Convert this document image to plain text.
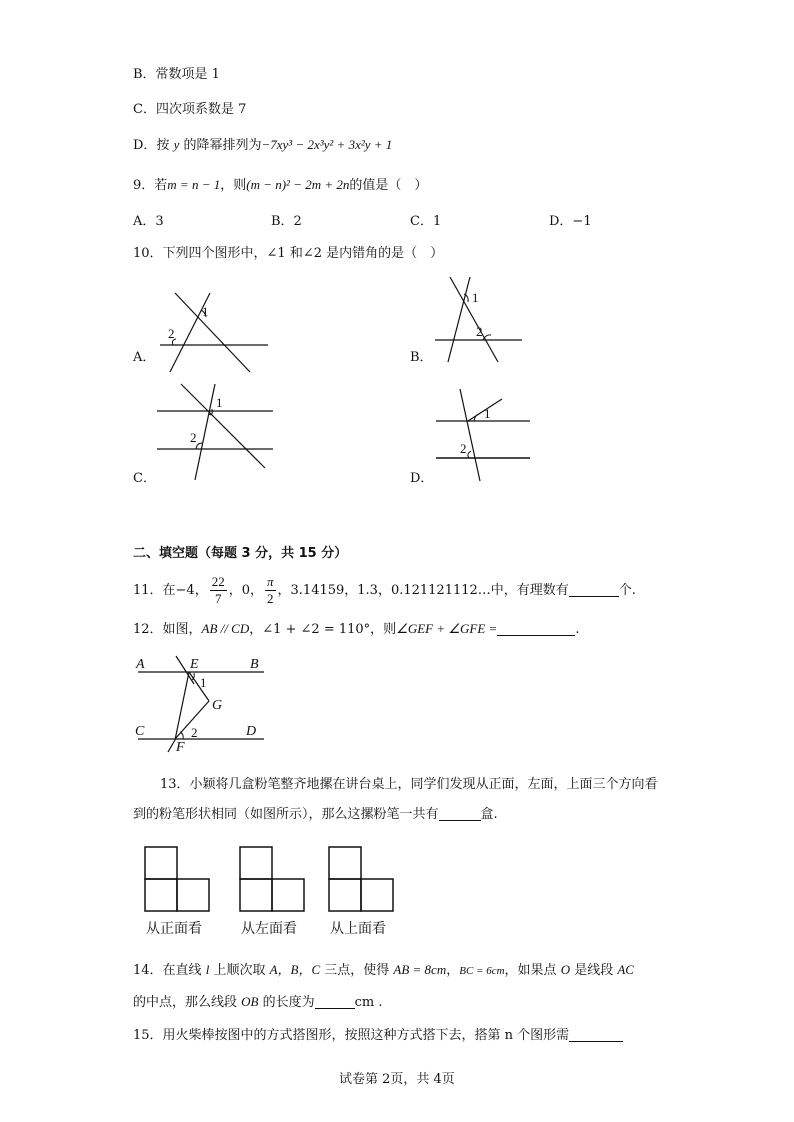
B．常数项是 1
C．四次项系数是 7
D．按 y 的降幂排列为−7xy³ − 2x³y² + 3x²y + 1
9．若m = n − 1，则(m − n)² − 2m + 2n的值是（　）
A．3	B．2	C．1	D．−1
10．下列四个图形中，∠1 和∠2 是内错角的是（　）
A．
1
2
B．
1
2
C．
1
2
D．
1
2
二、填空题（每题 3 分，共 15 分）
11．在−4， $\frac{22}{7}$ ，0， $\frac{\pi}{2}$ ，3.14159，1.3，0.121121112…中，有理数有	个.
12．如图，AB // CD，∠1 + ∠2 = 110°，则∠GEF + ∠GFE =	.
A	E	B
1
G
C	2	D
F
13．小颖将几盒粉笔整齐地摞在讲台桌上，同学们发现从正面，左面，上面三个方向看
到的粉笔形状相同（如图所示），那么这摞粉笔一共有	盒.
从正面看	从左面看 从上面看
14．在直线 l 上顺次取 A，B，C 三点，使得 AB = 8cm，BC = 6cm，如果点 O 是线段 AC
的中点，那么线段 OB 的长度为	cm .
15．用火柴棒按图中的方式搭图形，按照这种方式搭下去，搭第 n 个图形需
试卷第 2页，共 4页
